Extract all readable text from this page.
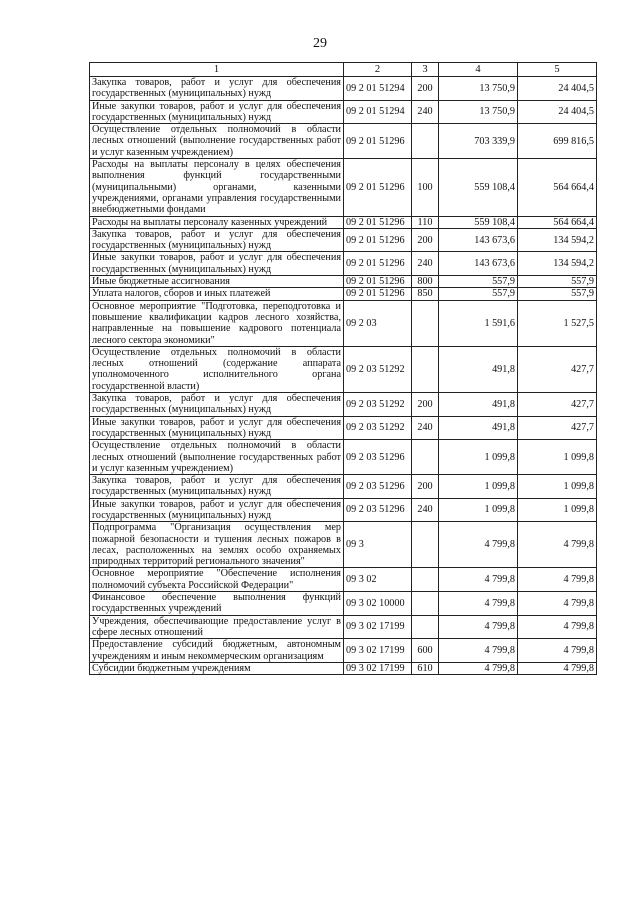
29
1	2	3	4	5
Закупка товаров, работ и услуг для обеспечения государственных (муниципальных) нужд	09 2 01 51294	200	13 750,9	24 404,5
Иные закупки товаров, работ и услуг для обеспечения государственных (муниципальных) нужд	09 2 01 51294	240	13 750,9	24 404,5
Осуществление отдельных полномочий в области лесных отношений (выполнение государственных работ и услуг казенным учреждением)	09 2 01 51296		703 339,9	699 816,5
Расходы на выплаты персоналу в целях обеспечения выполнения функций государственными (муниципальными) органами, казенными учреждениями, органами управления государственными внебюджетными фондами	09 2 01 51296	100	559 108,4	564 664,4
Расходы на выплаты персоналу казенных учреждений	09 2 01 51296	110	559 108,4	564 664,4
Закупка товаров, работ и услуг для обеспечения государственных (муниципальных) нужд	09 2 01 51296	200	143 673,6	134 594,2
Иные закупки товаров, работ и услуг для обеспечения государственных (муниципальных) нужд	09 2 01 51296	240	143 673,6	134 594,2
Иные бюджетные ассигнования	09 2 01 51296	800	557,9	557,9
Уплата налогов, сборов и иных платежей	09 2 01 51296	850	557,9	557,9
Основное мероприятие "Подготовка, переподготовка и повышение квалификации кадров лесного хозяйства, направленные на повышение кадрового потенциала лесного сектора экономики"	09 2 03		1 591,6	1 527,5
Осуществление отдельных полномочий в области лесных отношений (содержание аппарата уполномоченного исполнительного органа государственной власти)	09 2 03 51292		491,8	427,7
Закупка товаров, работ и услуг для обеспечения государственных (муниципальных) нужд	09 2 03 51292	200	491,8	427,7
Иные закупки товаров, работ и услуг для обеспечения государственных (муниципальных) нужд	09 2 03 51292	240	491,8	427,7
Осуществление отдельных полномочий в области лесных отношений (выполнение государственных работ и услуг казенным учреждением)	09 2 03 51296		1 099,8	1 099,8
Закупка товаров, работ и услуг для обеспечения государственных (муниципальных) нужд	09 2 03 51296	200	1 099,8	1 099,8
Иные закупки товаров, работ и услуг для обеспечения государственных (муниципальных) нужд	09 2 03 51296	240	1 099,8	1 099,8
Подпрограмма "Организация осуществления мер пожарной безопасности и тушения лесных пожаров в лесах, расположенных на землях особо охраняемых природных территорий регионального значения"	09 3		4 799,8	4 799,8
Основное мероприятие "Обеспечение исполнения полномочий субъекта Российской Федерации"	09 3 02		4 799,8	4 799,8
Финансовое обеспечение выполнения функций государственных учреждений	09 3 02 10000		4 799,8	4 799,8
Учреждения, обеспечивающие предоставление услуг в сфере лесных отношений	09 3 02 17199		4 799,8	4 799,8
Предоставление субсидий бюджетным, автономным учреждениям и иным некоммерческим организациям	09 3 02 17199	600	4 799,8	4 799,8
Субсидии бюджетным учреждениям	09 3 02 17199	610	4 799,8	4 799,8
